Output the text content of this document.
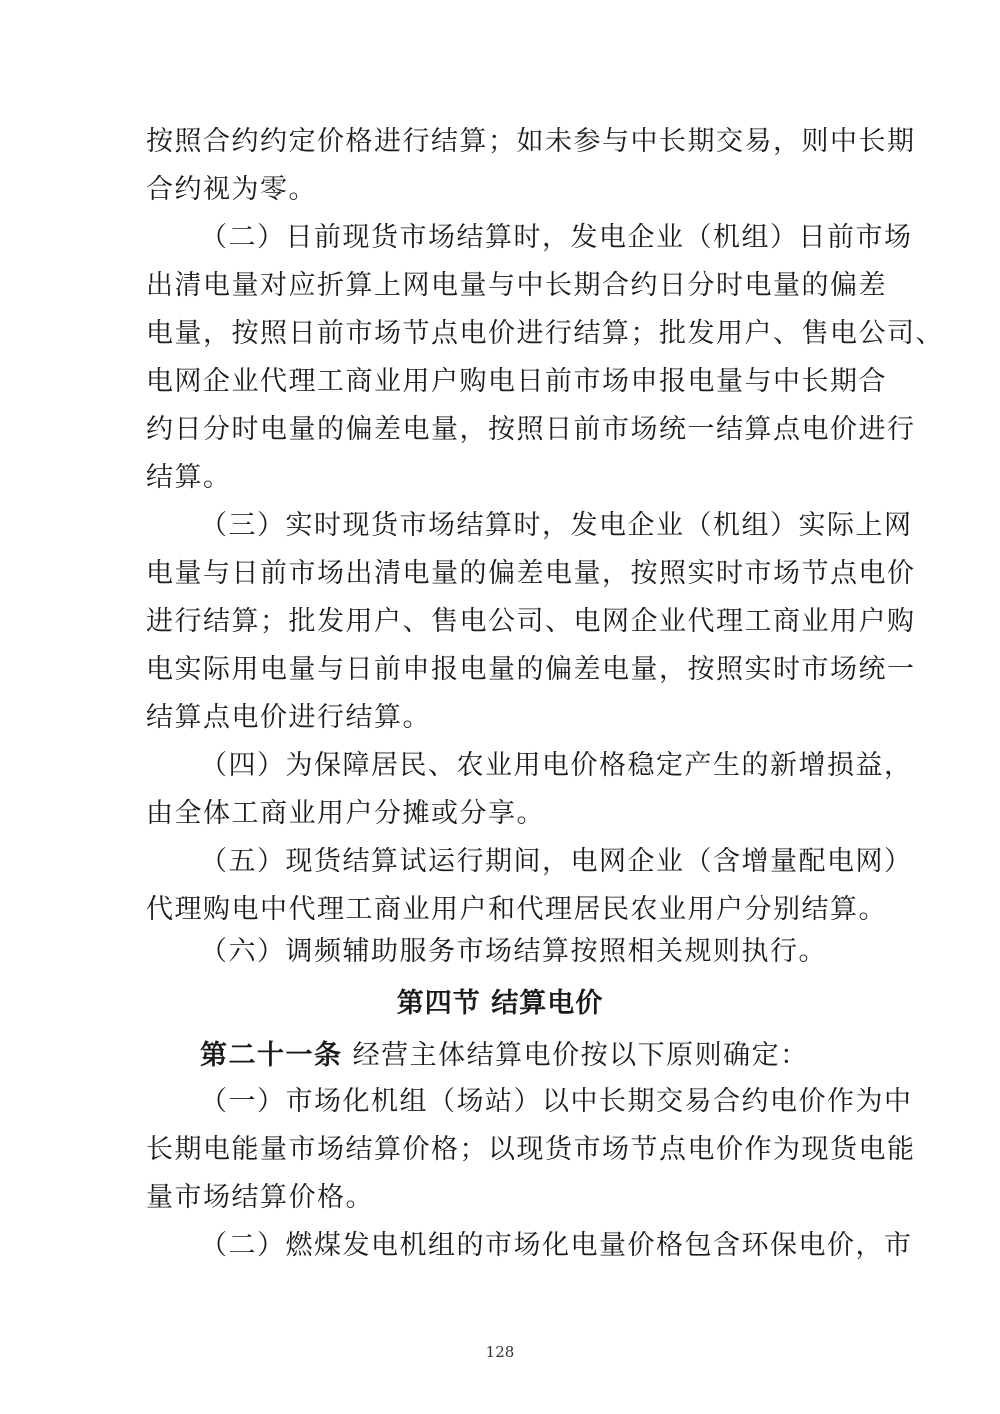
按照合约约定价格进行结算；如未参与中长期交易，则中长期
合约视为零。
（二）日前现货市场结算时，发电企业（机组）日前市场
出清电量对应折算上网电量与中长期合约日分时电量的偏差
电量，按照日前市场节点电价进行结算；批发用户、售电公司、
电网企业代理工商业用户购电日前市场申报电量与中长期合
约日分时电量的偏差电量，按照日前市场统一结算点电价进行
结算。
（三）实时现货市场结算时，发电企业（机组）实际上网
电量与日前市场出清电量的偏差电量，按照实时市场节点电价
进行结算；批发用户、售电公司、电网企业代理工商业用户购
电实际用电量与日前申报电量的偏差电量，按照实时市场统一
结算点电价进行结算。
（四）为保障居民、农业用电价格稳定产生的新增损益，
由全体工商业用户分摊或分享。
（五）现货结算试运行期间，电网企业（含增量配电网）
代理购电中代理工商业用户和代理居民农业用户分别结算。
（六）调频辅助服务市场结算按照相关规则执行。
第四节 结算电价
第二十一条 经营主体结算电价按以下原则确定：
（一）市场化机组（场站）以中长期交易合约电价作为中
长期电能量市场结算价格；以现货市场节点电价作为现货电能
量市场结算价格。
（二）燃煤发电机组的市场化电量价格包含环保电价，市
128
